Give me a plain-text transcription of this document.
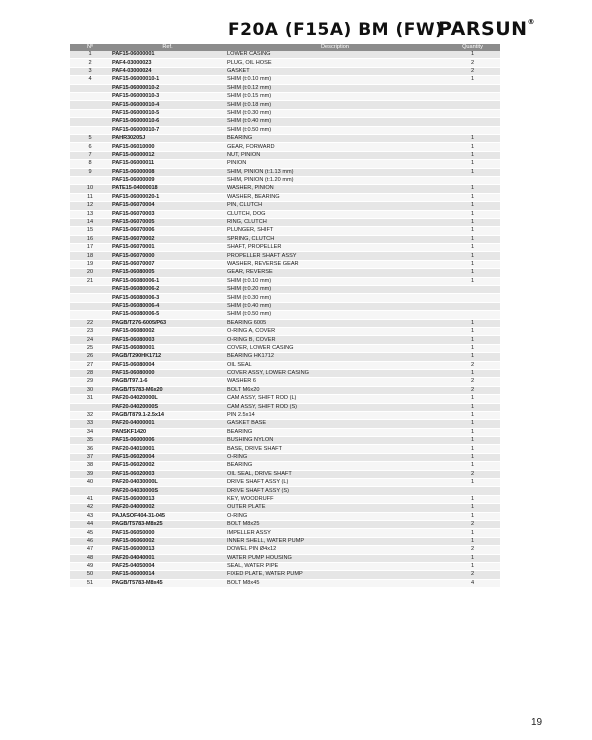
F20A (F15A) BM (FW)
PARSUN®
Nº	Ref.	Description	Quantity
1	PAF15-06000001	LOWER CASING	1
2	PAF4-03000023	PLUG, OIL HOSE	2
3	PAF4-03000024	GASKET	2
4	PAF15-06000010-1	SHIM (t:0.10 mm)	1
	PAF15-06000010-2	SHIM (t:0.12 mm)	
	PAF15-06000010-3	SHIM (t:0.15 mm)	
	PAF15-06000010-4	SHIM (t:0.18 mm)	
	PAF15-06000010-5	SHIM (t:0.30 mm)	
	PAF15-06000010-6	SHIM (t:0.40 mm)	
	PAF15-06000010-7	SHIM (t:0.50 mm)	
5	PAHR30205J	BEARING	1
6	PAF15-06010000	GEAR, FORWARD	1
7	PAF15-06000012	NUT, PINION	1
8	PAF15-06000011	PINION	1
9	PAF15-06000008	SHIM, PINION (t:1.13 mm)	1
	PAF15-06000009	SHIM, PINION (t:1.20 mm)	
10	PATE15-04000018	WASHER, PINION	1
11	PAF15-06000020-1	WASHER, BEARING	1
12	PAF15-06070004	PIN, CLUTCH	1
13	PAF15-06070003	CLUTCH, DOG	1
14	PAF15-06070005	RING, CLUTCH	1
15	PAF15-06070006	PLUNGER, SHIFT	1
16	PAF15-06070002	SPRING, CLUTCH	1
17	PAF15-06070001	SHAFT, PROPELLER	1
18	PAF15-06070000	PROPELLER SHAFT ASSY	1
19	PAF15-06070007	WASHER, REVERSE GEAR	1
20	PAF15-06080005	GEAR, REVERSE	1
21	PAF15-06080006-1	SHIM (t:0.10 mm)	1
	PAF15-06080006-2	SHIM (t:0.20 mm)	
	PAF15-06080006-3	SHIM (t:0.30 mm)	
	PAF15-06080006-4	SHIM (t:0.40 mm)	
	PAF15-06080006-5	SHIM (t:0.50 mm)	
22	PAGB/T276-6005/P63	BEARING 6005	1
23	PAF15-06080002	O-RING A, COVER	1
24	PAF15-06080003	O-RING B, COVER	1
25	PAF15-06080001	COVER, LOWER CASING	1
26	PAGB/T290HK1712	BEARING HK1712	1
27	PAF15-06080004	OIL SEAL	2
28	PAF15-06080000	COVER ASSY, LOWER CASING	1
29	PAGB/T97.1-6	WASHER 6	2
30	PAGB/T5783-M6x20	BOLT M6x20	2
31	PAF20-04020000L	CAM ASSY, SHIFT ROD (L)	1
	PAF20-04020000S	CAM ASSY, SHIFT ROD (S)	1
32	PAGB/T879.1-2.5x14	PIN 2.5x14	1
33	PAF20-04000001	GASKET BASE	1
34	PANSKF1420	BEARING	1
35	PAF15-06000006	BUSHING NYLON	1
36	PAF20-04010001	BASE, DRIVE SHAFT	1
37	PAF15-06020004	O-RING	1
38	PAF15-06020002	BEARING	1
39	PAF15-06020003	OIL SEAL, DRIVE SHAFT	2
40	PAF20-04030000L	DRIVE SHAFT ASSY (L)	1
	PAF20-04030000S	DRIVE SHAFT ASSY (S)	
41	PAF15-06000013	KEY, WOODRUFF	1
42	PAF20-04000002	OUTER PLATE	1
43	PAJASOF404-31-045	O-RING	1
44	PAGB/T5783-M8x25	BOLT M8x25	2
45	PAF15-06050000	IMPELLER ASSY	1
46	PAF15-06060002	INNER SHELL, WATER PUMP	1
47	PAF15-06000013	DOWEL PIN Ø4x12	2
48	PAF20-04040001	WATER PUMP HOUSING	1
49	PAF25-04050004	SEAL, WATER PIPE	1
50	PAF15-06000014	FIXED PLATE, WATER PUMP	2
51	PAGB/T5783-M8x45	BOLT M8x45	4
19
